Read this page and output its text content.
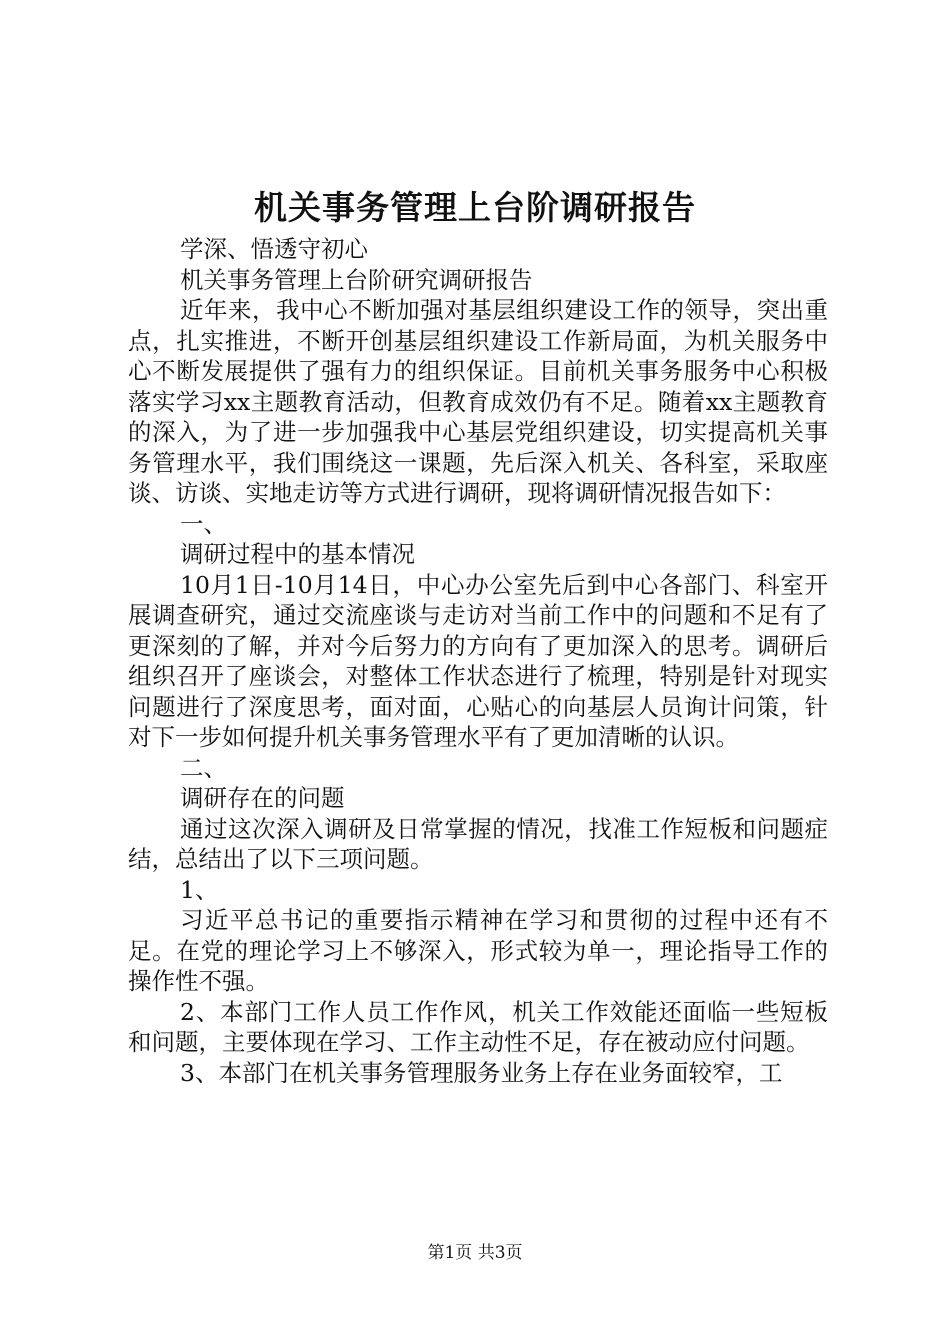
机关事务管理上台阶调研报告

学深、悟透守初心

机关事务管理上台阶研究调研报告

近年来，我中心不断加强对基层组织建设工作的领导，突出重点，扎实推进，不断开创基层组织建设工作新局面，为机关服务中心不断发展提供了强有力的组织保证。目前机关事务服务中心积极落实学习xx主题教育活动，但教育成效仍有不足。随着xx主题教育的深入，为了进一步加强我中心基层党组织建设，切实提高机关事务管理水平，我们围绕这一课题，先后深入机关、各科室，采取座谈、访谈、实地走访等方式进行调研，现将调研情况报告如下：

一、

调研过程中的基本情况

10月1日-10月14日，中心办公室先后到中心各部门、科室开展调查研究，通过交流座谈与走访对当前工作中的问题和不足有了更深刻的了解，并对今后努力的方向有了更加深入的思考。调研后组织召开了座谈会，对整体工作状态进行了梳理，特别是针对现实问题进行了深度思考，面对面，心贴心的向基层人员询计问策，针对下一步如何提升机关事务管理水平有了更加清晰的认识。

二、

调研存在的问题

通过这次深入调研及日常掌握的情况，找准工作短板和问题症结，总结出了以下三项问题。

1、

习近平总书记的重要指示精神在学习和贯彻的过程中还有不足。在党的理论学习上不够深入，形式较为单一，理论指导工作的操作性不强。

2、本部门工作人员工作作风，机关工作效能还面临一些短板和问题，主要体现在学习、工作主动性不足，存在被动应付问题。

3、本部门在机关事务管理服务业务上存在业务面较窄，工

第1页 共3页
